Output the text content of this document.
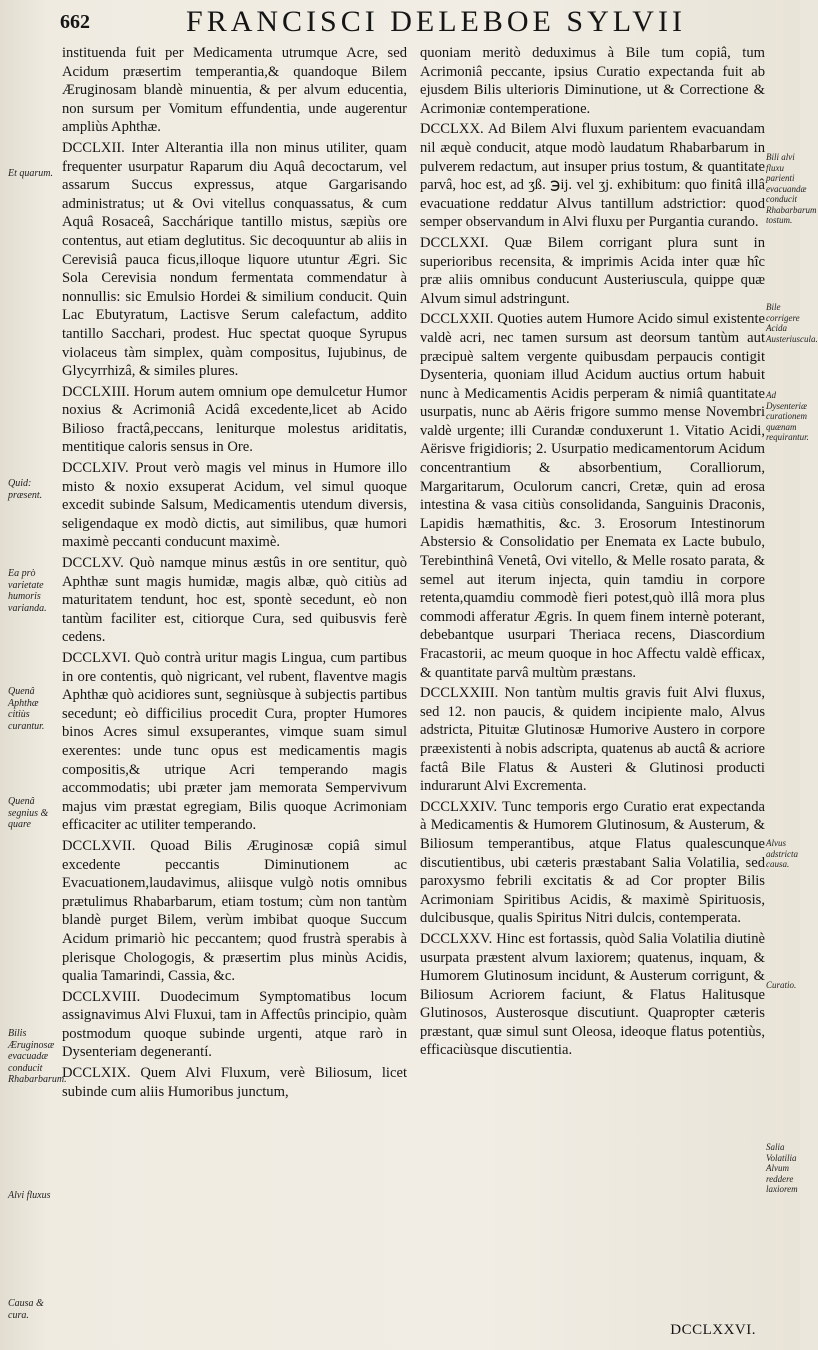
662	FRANCISCI DELEBOE SYLVII

instituenda fuit per Medicamenta utrumque Acre, sed Acidum præsertim temperantia,& quandoque Bilem Æruginosam blandè minuentia, & per alvum educentia, non sursum per Vomitum effundentia, unde augerentur ampliùs Aphthæ.

DCCLXII. Inter Alterantia illa non minus utiliter, quam frequenter usurpatur Raparum diu Aquâ decoctarum, vel assarum Succus expressus, atque Gargarisando administratus; ut & Ovi vitellus conquassatus, & cum Aquâ Rosaceâ, Sacchárique tantillo mistus, sæpiùs ore contentus, aut etiam deglutitus. Sic decoquuntur ab aliis in Cerevisiâ pauca ficus,illoque liquore utuntur Ægri. Sic Sola Cerevisia nondum fermentata commendatur à nonnullis: sic Emulsio Hordei & similium conducit. Quin Lac Ebutyratum, Lactisve Serum calefactum, addito tantillo Sacchari, prodest. Huc spectat quoque Syrupus violaceus tàm simplex, quàm compositus, Iujubinus, de Glycyrrhizâ, & similes plures.

DCCLXIII. Horum autem omnium ope demulcetur Humor noxius & Acrimoniâ Acidâ excedente,licet ab Acido Bilioso fractâ,peccans, leniturque molestus ariditatis, mentitique caloris sensus in Ore.

DCCLXIV. Prout verò magis vel minus in Humore illo misto & noxio exsuperat Acidum, vel simul quoque excedit subinde Salsum, Medicamentis utendum diversis, seligendaque ex modò dictis, aut similibus, quæ humori maximè peccanti conducunt maximè.

DCCLXV. Quò namque minus æstûs in ore sentitur, quò Aphthæ sunt magis humidæ, magis albæ, quò citiùs ad maturitatem tendunt, hoc est, spontè secedunt, eò non tantùm faciliter est, citiorque Cura, sed quibusvis ferè cedens.

DCCLXVI. Quò contrà uritur magis Lingua, cum partibus in ore contentis, quò nigricant, vel rubent, flaventve magis Aphthæ quò acidiores sunt, segniùsque à subjectis partibus secedunt; eò difficilius procedit Cura, propter Humores binos Acres simul exsuperantes, vimque suam simul exerentes: unde tunc opus est medicamentis magis compositis,& utrique Acri temperando magis accommodatis; ubi præter jam memorata Sempervivum majus vim præstat egregiam, Bilis quoque Acrimoniam efficaciter ac utiliter temperando.

DCCLXVII. Quoad Bilis Æruginosæ copiâ simul excedente peccantis Diminutionem ac Evacuationem,laudavimus, aliisque vulgò notis omnibus prætulimus Rhabarbarum, etiam tostum; cùm non tantùm blandè purget Bilem, verùm imbibat quoque Succum Acidum primariò hic peccantem; quod frustrà sperabis à plerisque Chologogis, & præsertim plus minùs Acidis, qualia Tamarindi, Cassia, &c.

DCCLXVIII. Duodecimum Symptomatibus locum assignavimus Alvi Fluxui, tam in Affectûs principio, quàm postmodum quoque subinde urgenti, atque rarò in Dysenteriam degenerantí.

DCCLXIX. Quem Alvi Fluxum, verè Biliosum, licet subinde cum aliis Humoribus junctum,

quoniam meritò deduximus à Bile tum copiâ, tum Acrimoniâ peccante, ipsius Curatio expectanda fuit ab ejusdem Bilis ulterioris Diminutione, ut & Correctione & Acrimoniæ contemperatione.

DCCLXX. Ad Bilem Alvi fluxum parientem evacuandam nil æquè conducit, atque modò laudatum Rhabarbarum in pulverem redactum, aut insuper prius tostum, & quantitate parvâ, hoc est, ad ʒß. ℈ij. vel ʒj. exhibitum: quo finitâ illâ evacuatione reddatur Alvus tantillum adstrictior: quod semper observandum in Alvi fluxu per Purgantia curando.

DCCLXXI. Quæ Bilem corrigant plura sunt in superioribus recensita, & imprimis Acida inter quæ hîc præ aliis omnibus conducunt Austeriuscula, quippe quæ Alvum simul adstringunt.

DCCLXXII. Quoties autem Humore Acido simul existente valdè acri, nec tamen sursum ast deorsum tantùm aut præcipuè saltem vergente quibusdam perpaucis contigit Dysenteria, quoniam illud Acidum auctius ortum habuit nunc à Medicamentis Acidis perperam & nimiâ quantitate usurpatis, nunc ab Aëris frigore summo mense Novembri valdè urgente; illi Curandæ conduxerunt 1. Vitatio Acidi, Aërisve frigidioris; 2. Usurpatio medicamentorum Acidum concentrantium & absorbentium, Coralliorum, Margaritarum, Oculorum cancri, Cretæ, quin ad erosa intestina & vasa citiùs consolidanda, Sanguinis Draconis, Lapidis hæmathitis, &c. 3. Erosorum Intestinorum Abstersio & Consolidatio per Enemata ex Lacte bubulo, Terebinthinâ Venetâ, Ovi vitello, & Melle rosato parata, & semel aut iterum injecta, quin tamdiu in corpore retenta,quamdiu commodè fieri potest,quò illâ mora plus commodi afferatur Ægris. In quem finem internè poterant, debebantque usurpari Theriaca recens, Diascordium Fracastorii, ac meum quoque in hoc Affectu valdè efficax, & quantitate parvâ multùm præstans.

DCCLXXIII. Non tantùm multis gravis fuit Alvi fluxus, sed 12. non paucis, & quidem incipiente malo, Alvus adstricta, Pituitæ Glutinosæ Humorive Austero in corpore præexistenti à nobis adscripta, quatenus ab auctâ & acriore factâ Bile Flatus & Austeri & Glutinosi producti indurarunt Alvi Excrementa.

DCCLXXIV. Tunc temporis ergo Curatio erat expectanda à Medicamentis & Humorem Glutinosum, & Austerum, & Biliosum temperantibus, atque Flatus qualescunque discutientibus, ubi cæteris præstabant Salia Volatilia, sed paroxysmo febrili excitatis & ad Cor propter Bilis Acrimoniam Spiritibus Acidis, & maximè Spirituosis, dulcibusque, qualis Spiritus Nitri dulcis, contemperata.

DCCLXXV. Hinc est fortassis, quòd Salia Volatilia diutinè usurpata præstent alvum laxiorem; quatenus, inquam, & Humorem Glutinosum incidunt, & Austerum corrigunt, & Biliosum Acriorem faciunt, & Flatus Halitusque Glutinosos, Austerosque discutiunt. Quapropter cæteris præstant, quæ simul sunt Oleosa, ideoque flatus potentiùs, efficaciùsque discutientia.

Et quarum.
Quid: præsent.
Ea prò varietate humoris varianda.
Quenâ Aphthæ citiùs curantur.
Quenâ segnius & quare
Bilis Æruginosæ evacuadæ conducit Rhabarbarum.
Alvi fluxus
Causa & cura.
Bili alvi fluxu parienti evacuandæ conducit Rhabarbarum tostum.
Bile corrigere Acida Austeriuscula.
Ad Dysenteriæ curationem quænam requirantur.
Alvus adstricta causa.
Curatio.
Salia Volatilia Alvum reddere laxiorem
DCCLXXVI.
